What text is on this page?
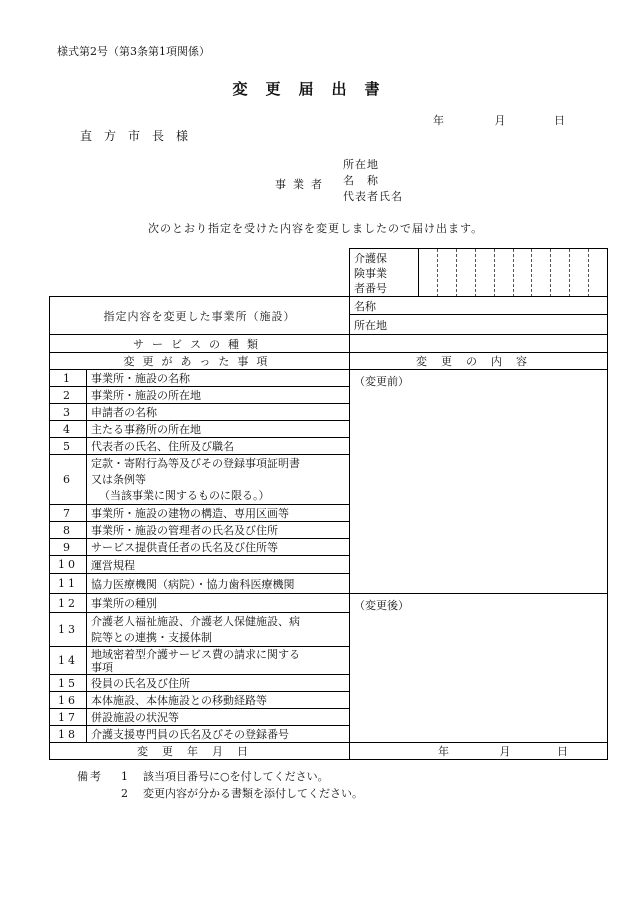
様式第2号（第3条第1項関係）
変更届出書
年	月	日
直方市長様
事業者
所在地
名　称
代表者氏名
次のとおり指定を受けた内容を変更しましたので届け出ます。
介護保
険事業
者番号
指定内容を変更した事業所（施設）		名称
		所在地
サービスの種類		
変更があった事項		変更の内容
1	事業所・施設の名称	（変更前）
2	事業所・施設の所在地	
3	申請者の名称	
4	主たる事務所の所在地	
5	代表者の氏名、住所及び職名	
6	定款・寄附行為等及びその登録事項証明書
又は条例等
（当該事業に関するものに限る。）	

7	事業所・施設の建物の構造、専用区画等	
8	事業所・施設の管理者の氏名及び住所	
9	サービス提供責任者の氏名及び住所等	
10	運営規程	
11	協力医療機関（病院）・協力歯科医療機関	
12	事業所の種別	（変更後）
13	介護老人福祉施設、介護老人保健施設、病
院等との連携・支援体制	

14	地域密着型介護サービス費の請求に関する
事項	

15	役員の氏名及び住所	
16	本体施設、本体施設との移動経路等	
17	併設施設の状況等	
18	介護支援専門員の氏名及びその登録番号	
変更年月日		年 月 日
備考 1 該当項目番号に○を付してください。
2 変更内容が分かる書類を添付してください。
